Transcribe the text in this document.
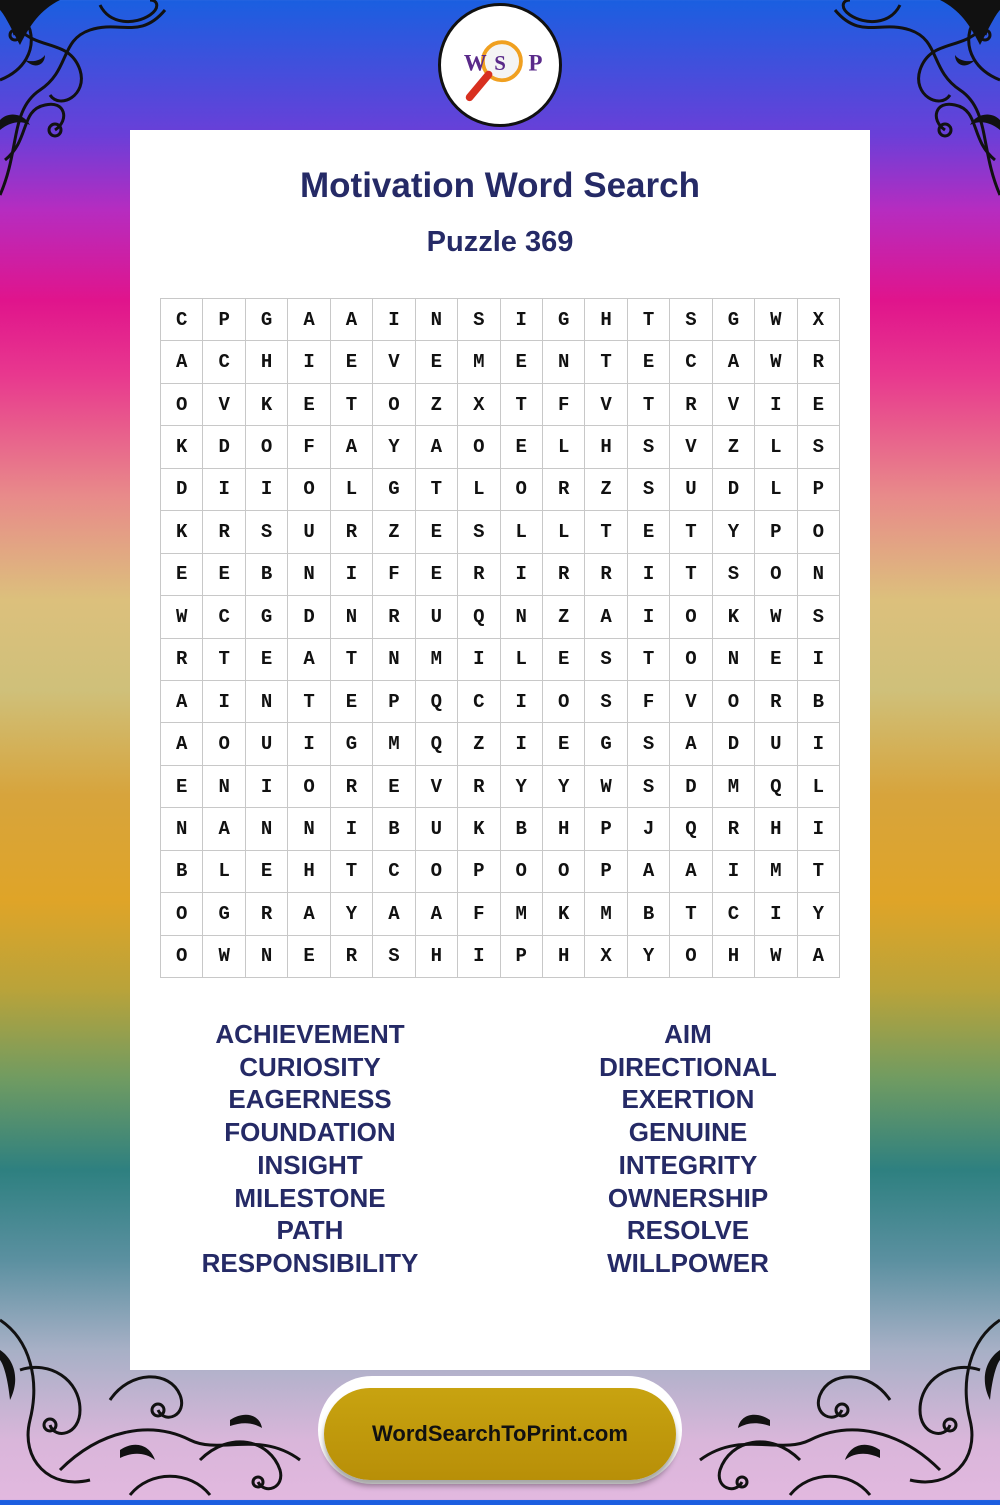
W S P
Motivation Word Search
Puzzle 369
C	P	G	A	A	I	N	S	I	G	H	T	S	G	W	X
A	C	H	I	E	V	E	M	E	N	T	E	C	A	W	R
O	V	K	E	T	O	Z	X	T	F	V	T	R	V	I	E
K	D	O	F	A	Y	A	O	E	L	H	S	V	Z	L	S
D	I	I	O	L	G	T	L	O	R	Z	S	U	D	L	P
K	R	S	U	R	Z	E	S	L	L	T	E	T	Y	P	O
E	E	B	N	I	F	E	R	I	R	R	I	T	S	O	N
W	C	G	D	N	R	U	Q	N	Z	A	I	O	K	W	S
R	T	E	A	T	N	M	I	L	E	S	T	O	N	E	I
A	I	N	T	E	P	Q	C	I	O	S	F	V	O	R	B
A	O	U	I	G	M	Q	Z	I	E	G	S	A	D	U	I
E	N	I	O	R	E	V	R	Y	Y	W	S	D	M	Q	L
N	A	N	N	I	B	U	K	B	H	P	J	Q	R	H	I
B	L	E	H	T	C	O	P	O	O	P	A	A	I	M	T
O	G	R	A	Y	A	A	F	M	K	M	B	T	C	I	Y
O	W	N	E	R	S	H	I	P	H	X	Y	O	H	W	A
ACHIEVEMENT
CURIOSITY
EAGERNESS
FOUNDATION
INSIGHT
MILESTONE
PATH
RESPONSIBILITY
AIM
DIRECTIONAL
EXERTION
GENUINE
INTEGRITY
OWNERSHIP
RESOLVE
WILLPOWER
WordSearchToPrint.com
